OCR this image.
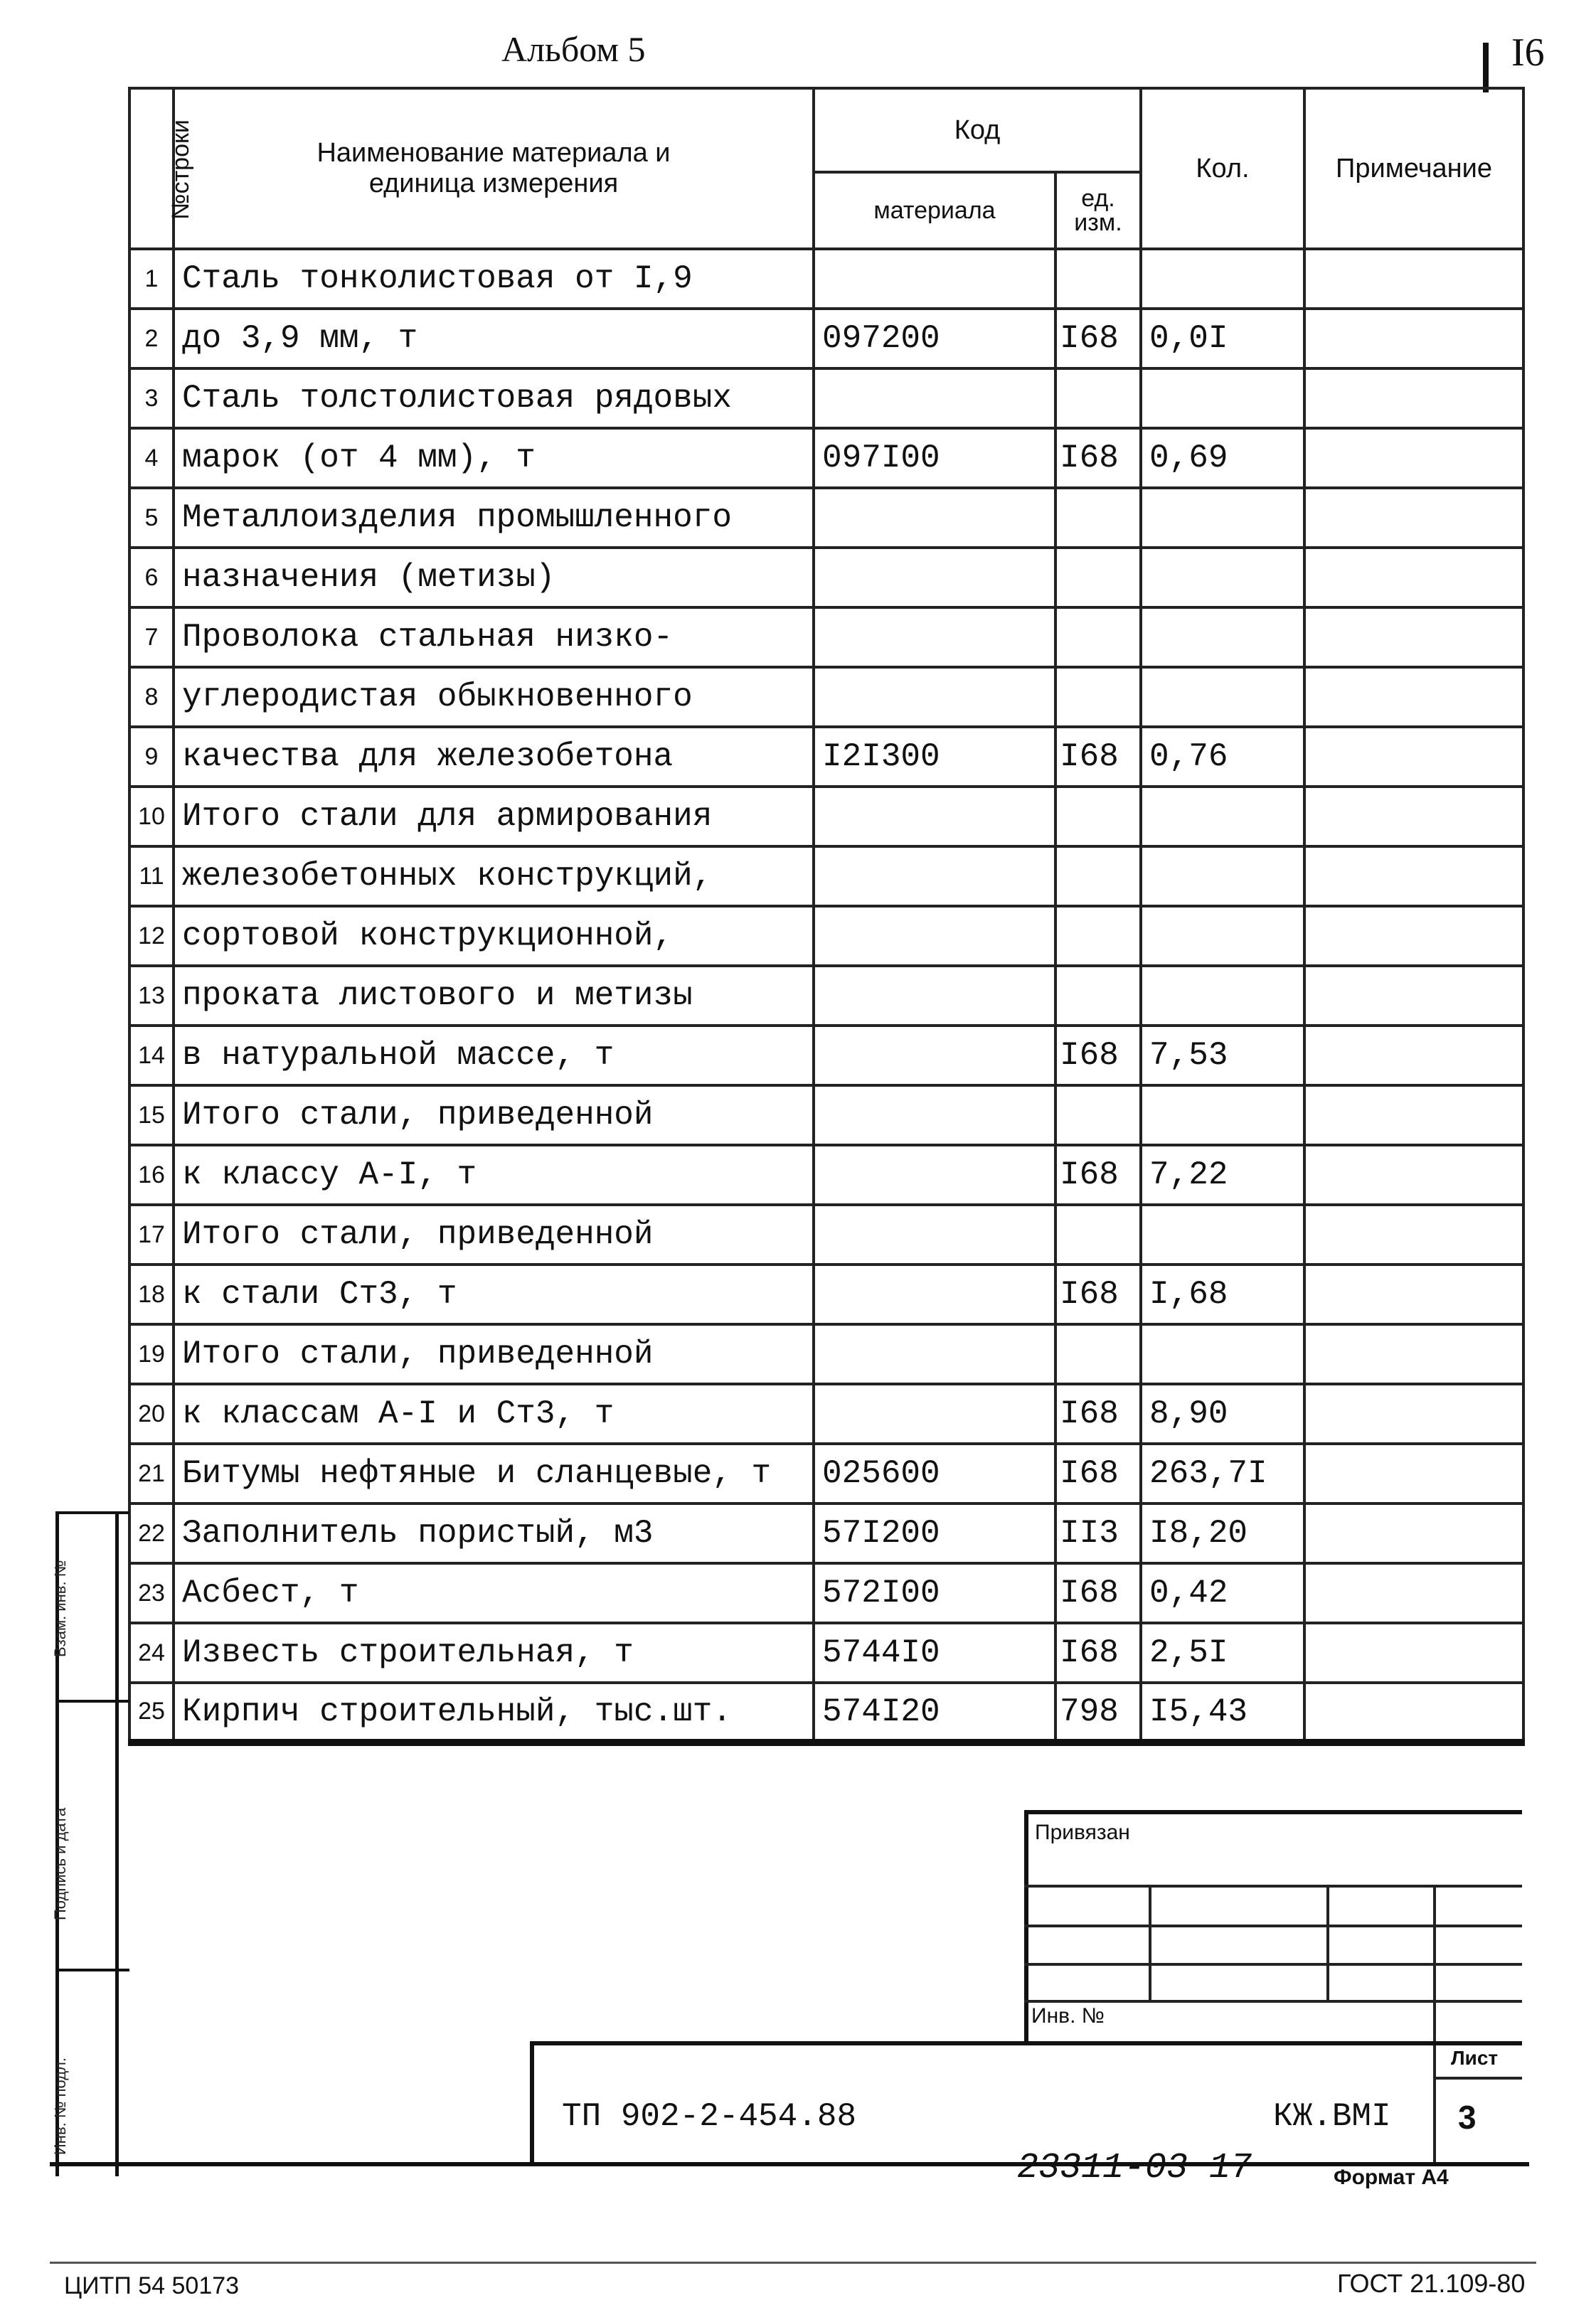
Альбом 5	I6
№строки	Наименование материала и единица измерения	Код		Кол.	Примечание
		материала	ед. изм.		
1	Сталь тонколистовая от I,9				
2	до 3,9 мм, т	097200	I68	0,0I	
3	Сталь толстолистовая рядовых				
4	марок (от 4 мм), т	097I00	I68	0,69	
5	Металлоизделия промышленного				
6	назначения (метизы)				
7	Проволока стальная низко-				
8	углеродистая обыкновенного				
9	качества для железобетона	I2I300	I68	0,76	
10	Итого стали для армирования				
11	железобетонных конструкций,				
12	сортовой конструкционной,				
13	проката листового и метизы				
14	в натуральной массе, т		I68	7,53	
15	Итого стали, приведенной				
16	к классу А-I, т		I68	7,22	
17	Итого стали, приведенной				
18	к стали Ст3, т		I68	I,68	
19	Итого стали, приведенной				
20	к классам А-I и Ст3, т		I68	8,90	
21	Битумы нефтяные и сланцевые, т	025600	I68	263,7I	
22	Заполнитель пористый, м3	57I200	II3	I8,20	
23	Асбест, т	572I00	I68	0,42	
24	Известь строительная, т	5744I0	I68	2,5I	
25	Кирпич строительный, тыс.шт.	574I20	798	I5,43	
Взам. инв. №
Подпись и дата
Инв. № подл.
Привязан
Инв. №
Лист
ТП 902-2-454.88	КЖ.ВМI 3
23311-03 17	Формат А4
ЦИТП 54 50173	ГОСТ 21.109-80
